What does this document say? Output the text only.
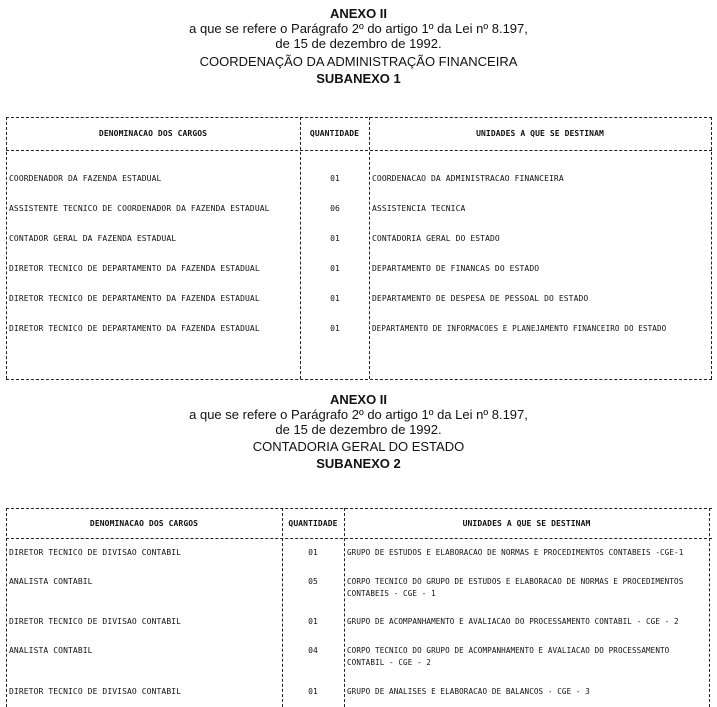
ANEXO II
a que se refere o Parágrafo 2º do artigo 1º da Lei nº 8.197,
de 15 de dezembro de 1992.
COORDENAÇÃO DA ADMINISTRAÇÃO FINANCEIRA
SUBANEXO 1
DENOMINACAO DOS CARGOS	QUANTIDADE	UNIDADES A QUE SE DESTINAM
COORDENADOR DA FAZENDA ESTADUAL	01	COORDENACAO DA ADMINISTRACAO FINANCEIRA
ASSISTENTE TECNICO DE COORDENADOR DA FAZENDA ESTADUAL	06	ASSISTENCIA TECNICA
CONTADOR GERAL DA FAZENDA ESTADUAL	01	CONTADORIA GERAL DO ESTADO
DIRETOR TECNICO DE DEPARTAMENTO DA FAZENDA ESTADUAL	01	DEPARTAMENTO DE FINANCAS DO ESTADO
DIRETOR TECNICO DE DEPARTAMENTO DA FAZENDA ESTADUAL	01	DEPARTAMENTO DE DESPESA DE PESSOAL DO ESTADO
DIRETOR TECNICO DE DEPARTAMENTO DA FAZENDA ESTADUAL	01	DEPARTAMENTO DE INFORMACOES E PLANEJAMENTO FINANCEIRO DO ESTADO
ANEXO II
a que se refere o Parágrafo 2º do artigo 1º da Lei nº 8.197,
de 15 de dezembro de 1992.
CONTADORIA GERAL DO ESTADO
SUBANEXO 2
DENOMINACAO DOS CARGOS	QUANTIDADE	UNIDADES A QUE SE DESTINAM
DIRETOR TECNICO DE DIVISAO CONTABIL	01	GRUPO DE ESTUDOS E ELABORACAO DE NORMAS E PROCEDIMENTOS CONTABEIS -CGE-1
ANALISTA CONTABIL	05	CORPO TECNICO DO GRUPO DE ESTUDOS E ELABORACAO DE NORMAS E PROCEDIMENTOS
CONTABEIS - CGE - 1
DIRETOR TECNICO DE DIVISAO CONTABIL	01	GRUPO DE ACOMPANHAMENTO E AVALIACAO DO PROCESSAMENTO CONTABIL - CGE - 2
ANALISTA CONTABIL	04	CORPO TECNICO DO GRUPO DE ACOMPANHAMENTO E AVALIACAO DO PROCESSAMENTO
CONTABIL - CGE - 2
DIRETOR TECNICO DE DIVISAO CONTABIL	01	GRUPO DE ANALISES E ELABORACAO DE BALANCOS - CGE - 3
